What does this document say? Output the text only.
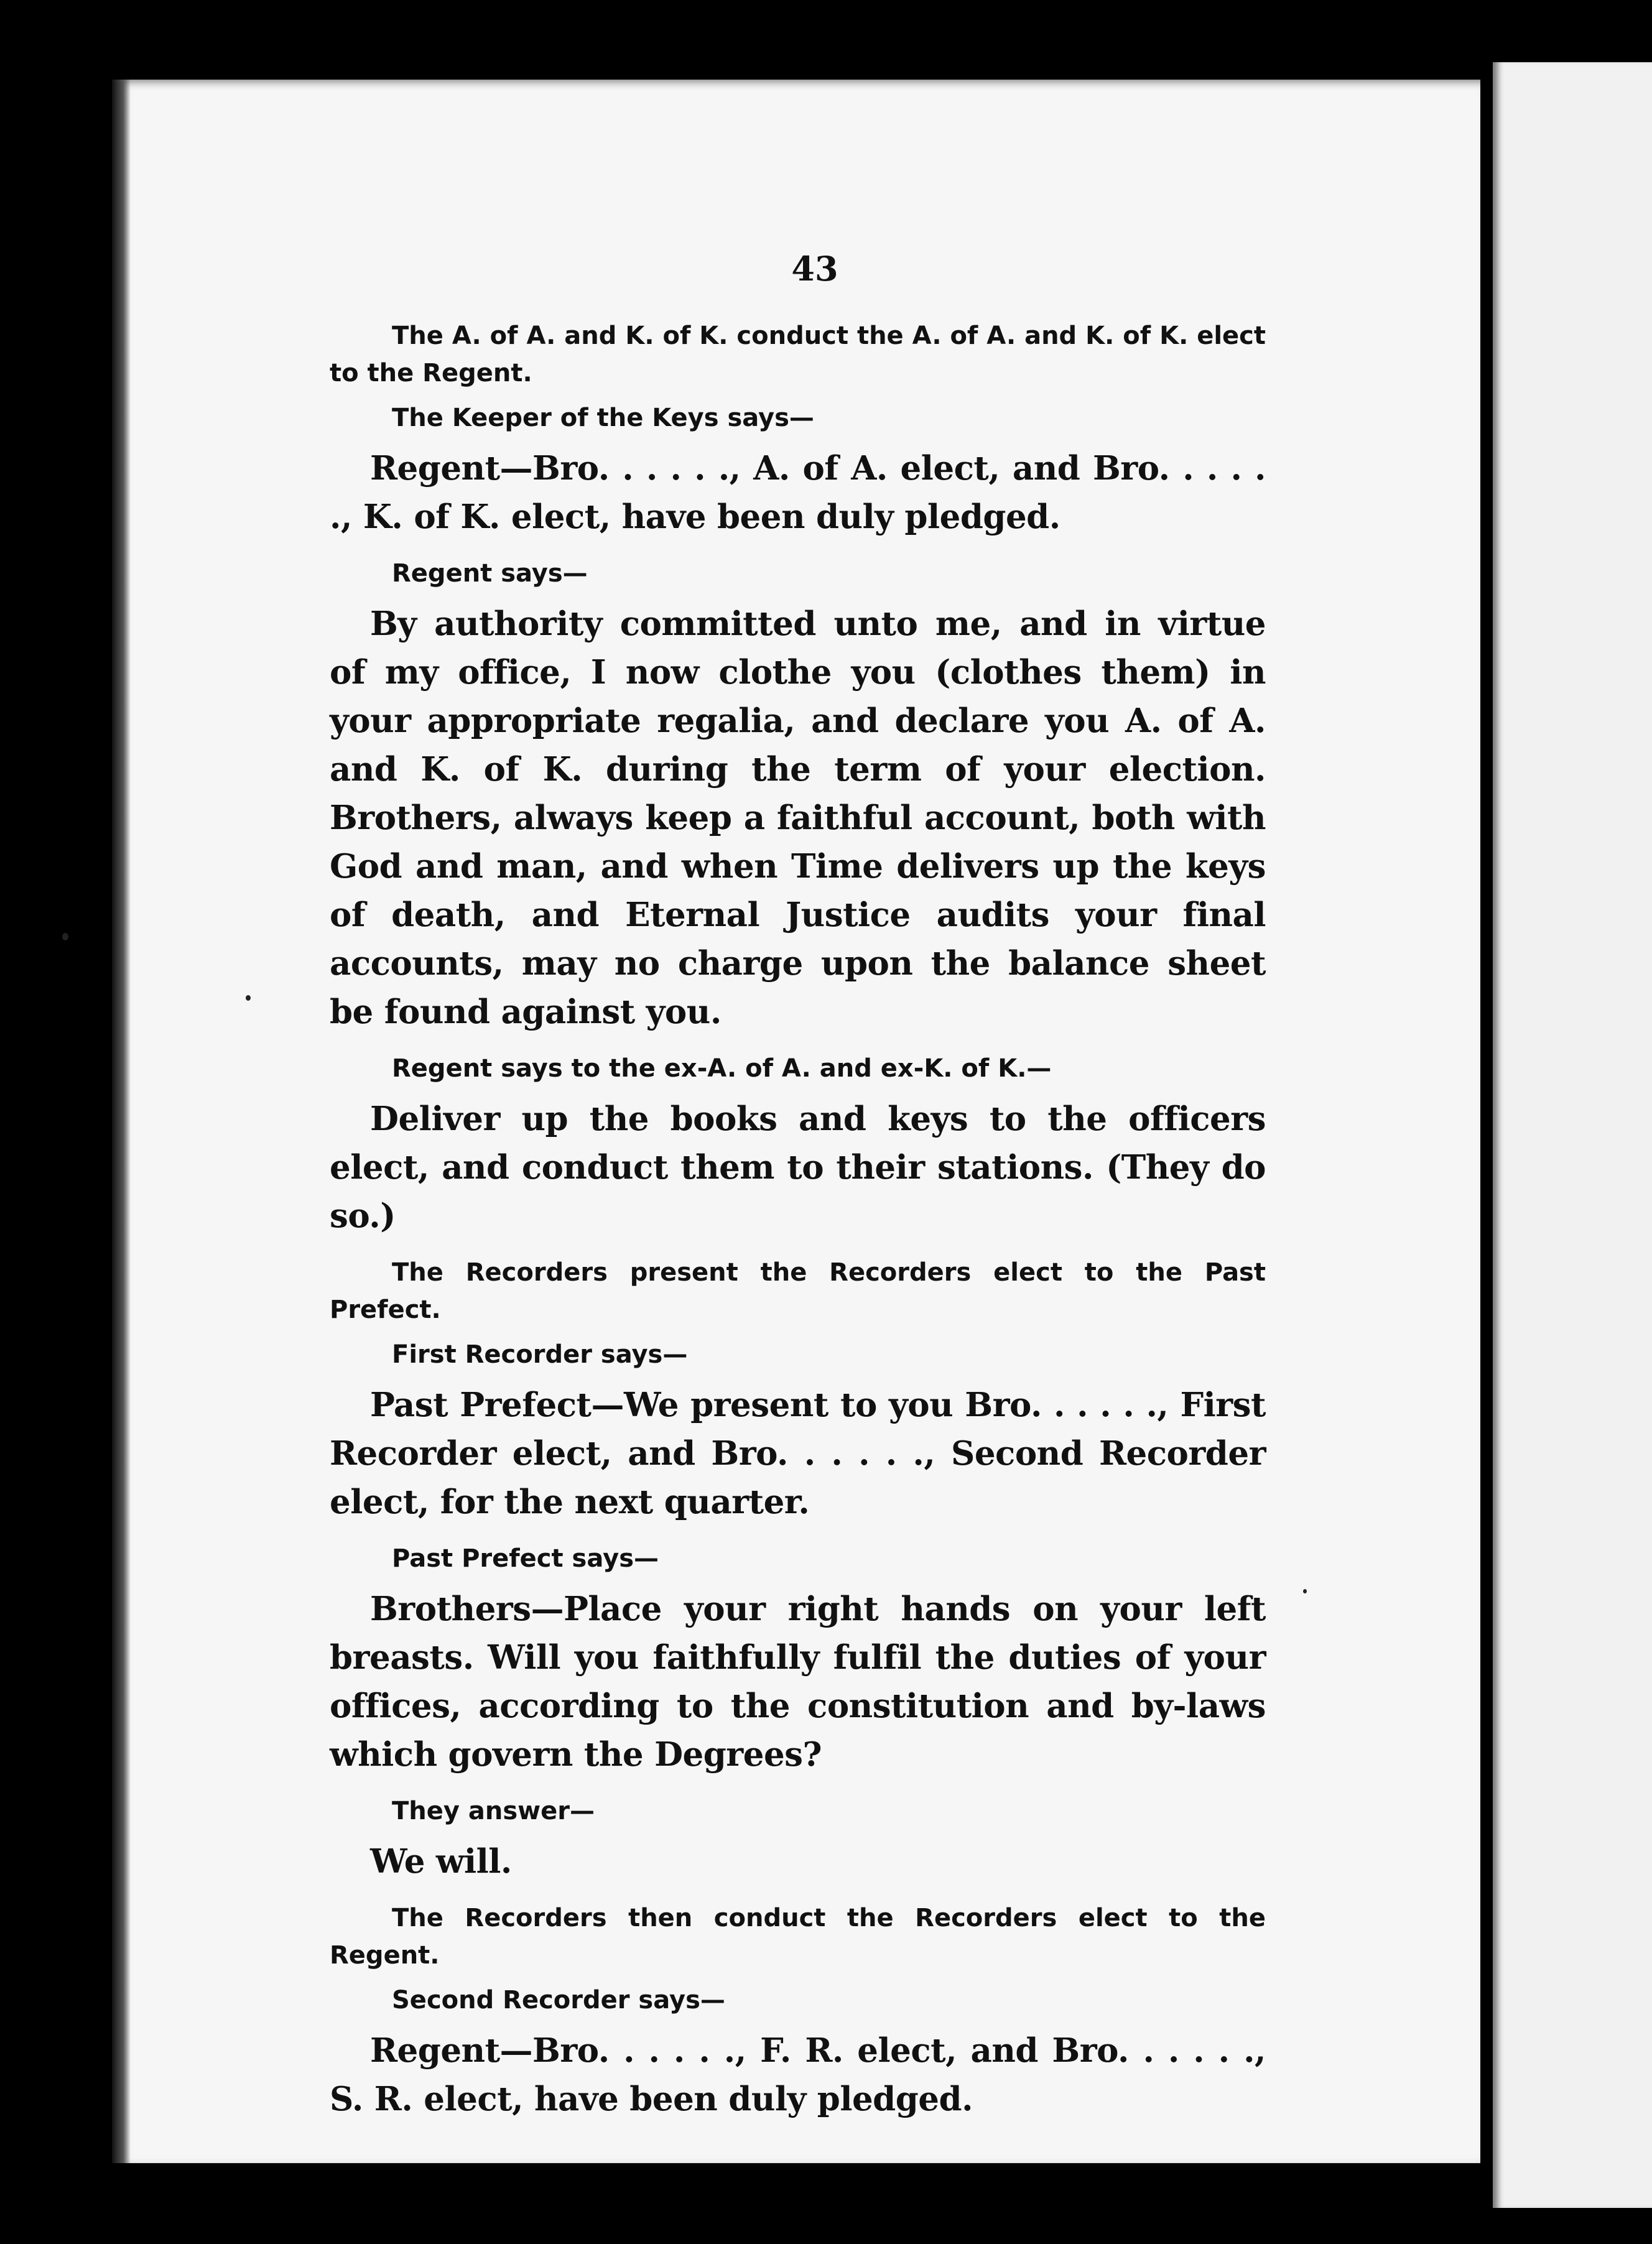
43

The A. of A. and K. of K. conduct the A. of A. and K. of K. elect to the Regent.

The Keeper of the Keys says—

Regent—Bro. . . . . ., A. of A. elect, and Bro. . . . . ., K. of K. elect, have been duly pledged.

Regent says—

By authority committed unto me, and in virtue of my office, I now clothe you (clothes them) in your appropriate regalia, and declare you A. of A. and K. of K. during the term of your election. Brothers, always keep a faithful account, both with God and man, and when Time delivers up the keys of death, and Eternal Justice audits your final accounts, may no charge upon the balance sheet be found against you.

Regent says to the ex-A. of A. and ex-K. of K.—

Deliver up the books and keys to the officers elect, and conduct them to their stations. (They do so.)

The Recorders present the Recorders elect to the Past Prefect.

First Recorder says—

Past Prefect—We present to you Bro. . . . . ., First Recorder elect, and Bro. . . . . ., Second Recorder elect, for the next quarter.

Past Prefect says—

Brothers—Place your right hands on your left breasts. Will you faithfully fulfil the duties of your offices, according to the constitution and by-laws which govern the Degrees?

They answer—

We will.

The Recorders then conduct the Recorders elect to the Regent.

Second Recorder says—

Regent—Bro. . . . . ., F. R. elect, and Bro. . . . . ., S. R. elect, have been duly pledged.
